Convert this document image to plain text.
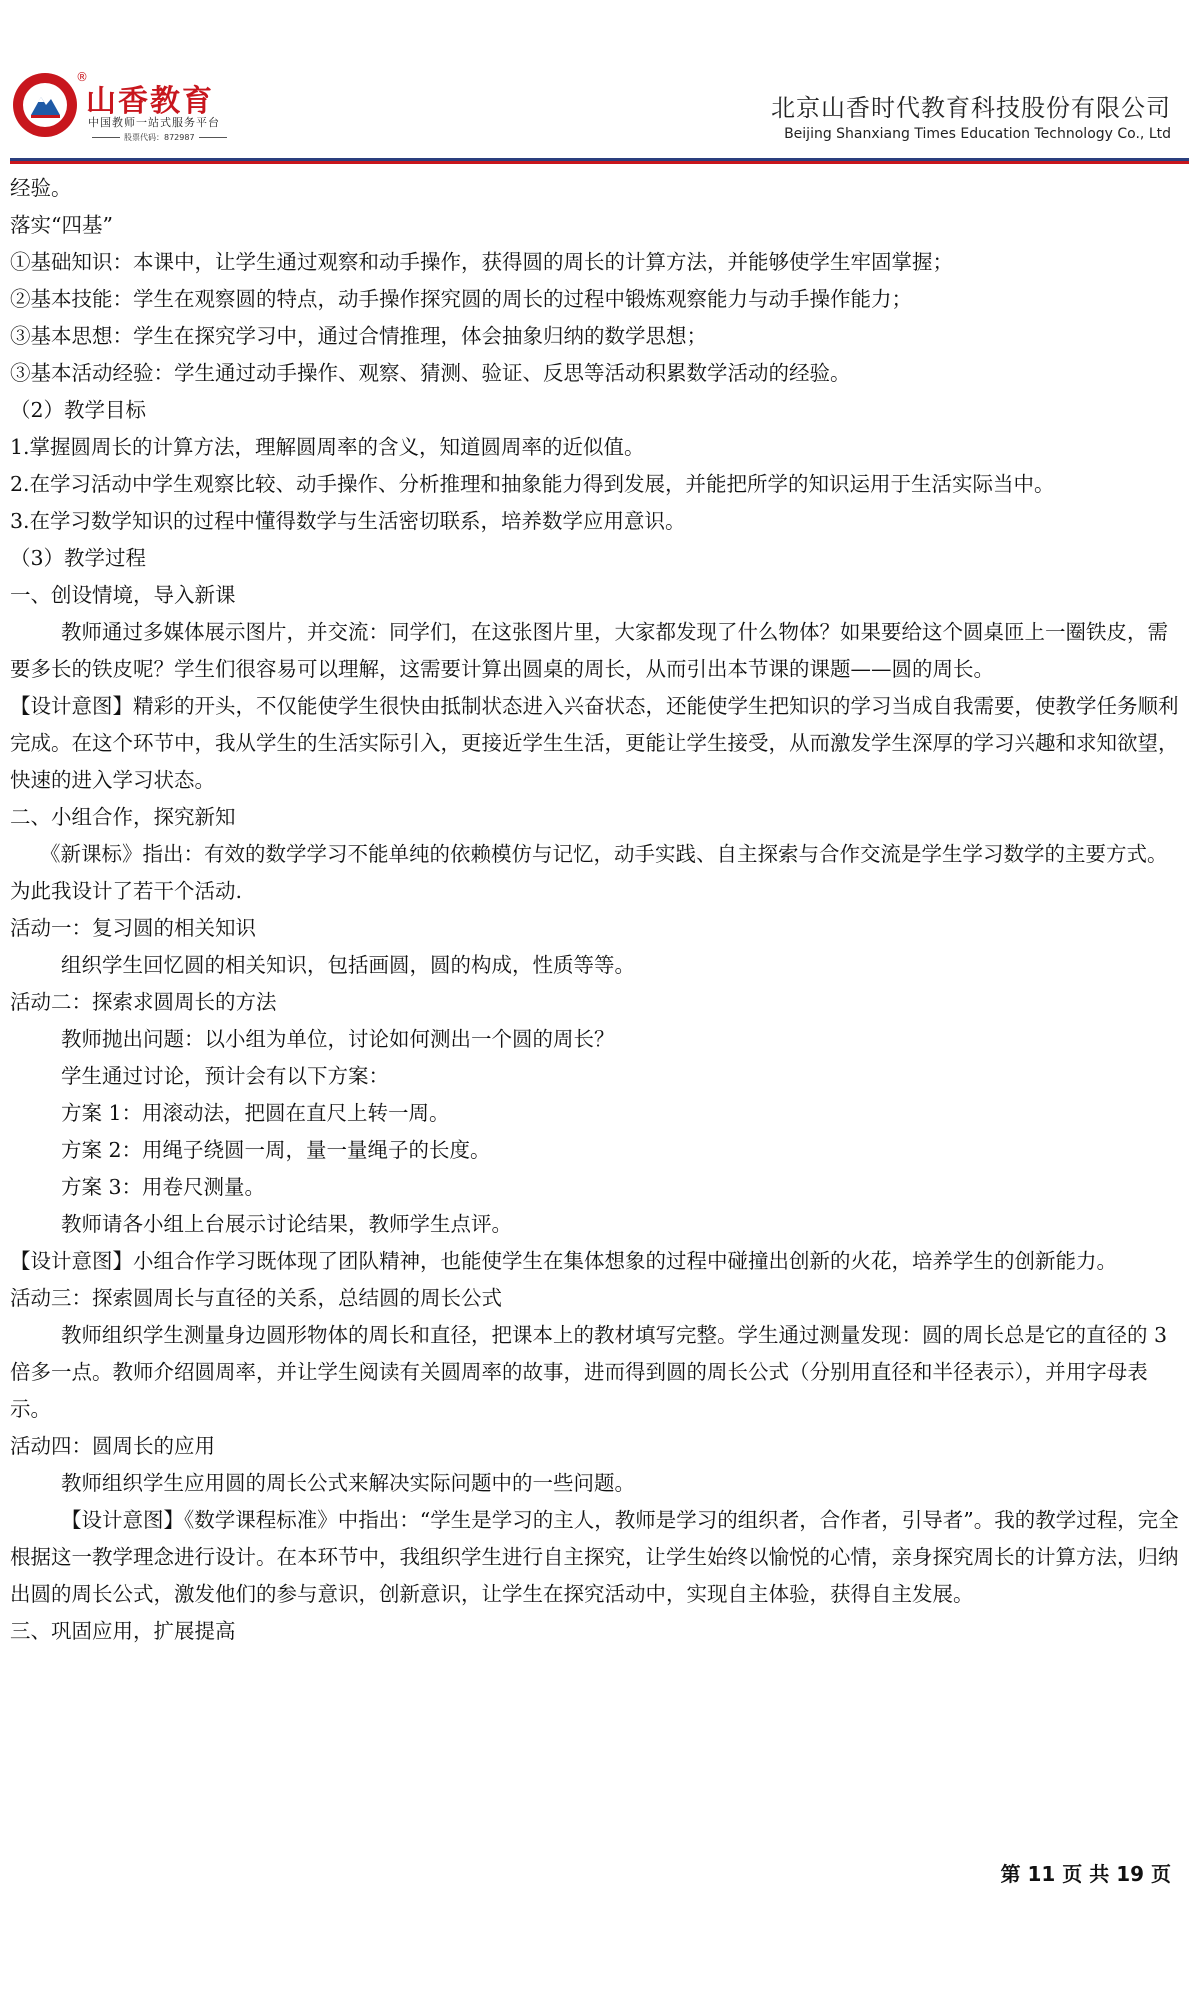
®
山香教育
中国教师一站式服务平台
股票代码：872987
北京山香时代教育科技股份有限公司
Beijing Shanxiang Times Education Technology Co., Ltd

经验。

落实“四基”

①基础知识：本课中，让学生通过观察和动手操作，获得圆的周长的计算方法，并能够使学生牢固掌握；

②基本技能：学生在观察圆的特点，动手操作探究圆的周长的过程中锻炼观察能力与动手操作能力；

③基本思想：学生在探究学习中，通过合情推理，体会抽象归纳的数学思想；

③基本活动经验：学生通过动手操作、观察、猜测、验证、反思等活动积累数学活动的经验。

（2）教学目标

1.掌握圆周长的计算方法，理解圆周率的含义，知道圆周率的近似值。

2.在学习活动中学生观察比较、动手操作、分析推理和抽象能力得到发展，并能把所学的知识运用于生活实际当中。

3.在学习数学知识的过程中懂得数学与生活密切联系，培养数学应用意识。

（3）教学过程

一、创设情境，导入新课

教师通过多媒体展示图片，并交流：同学们，在这张图片里，大家都发现了什么物体？如果要给这个圆桌匝上一圈铁皮，需要多长的铁皮呢？学生们很容易可以理解，这需要计算出圆桌的周长，从而引出本节课的课题——圆的周长。

【设计意图】精彩的开头，不仅能使学生很快由抵制状态进入兴奋状态，还能使学生把知识的学习当成自我需要，使教学任务顺利完成。在这个环节中，我从学生的生活实际引入，更接近学生生活，更能让学生接受，从而激发学生深厚的学习兴趣和求知欲望，快速的进入学习状态。

二、小组合作，探究新知

《新课标》指出：有效的数学学习不能单纯的依赖模仿与记忆，动手实践、自主探索与合作交流是学生学习数学的主要方式。为此我设计了若干个活动.

活动一：复习圆的相关知识

组织学生回忆圆的相关知识，包括画圆，圆的构成，性质等等。

活动二：探索求圆周长的方法

教师抛出问题：以小组为单位，讨论如何测出一个圆的周长？

学生通过讨论，预计会有以下方案：

方案 1：用滚动法，把圆在直尺上转一周。

方案 2：用绳子绕圆一周，量一量绳子的长度。

方案 3：用卷尺测量。

教师请各小组上台展示讨论结果，教师学生点评。

【设计意图】小组合作学习既体现了团队精神，也能使学生在集体想象的过程中碰撞出创新的火花，培养学生的创新能力。

活动三：探索圆周长与直径的关系，总结圆的周长公式

教师组织学生测量身边圆形物体的周长和直径，把课本上的教材填写完整。学生通过测量发现：圆的周长总是它的直径的 3 倍多一点。教师介绍圆周率，并让学生阅读有关圆周率的故事，进而得到圆的周长公式（分别用直径和半径表示），并用字母表示。

活动四：圆周长的应用

教师组织学生应用圆的周长公式来解决实际问题中的一些问题。

【设计意图】《数学课程标准》中指出：“学生是学习的主人，教师是学习的组织者，合作者，引导者”。我的教学过程，完全根据这一教学理念进行设计。在本环节中，我组织学生进行自主探究，让学生始终以愉悦的心情，亲身探究周长的计算方法，归纳出圆的周长公式，激发他们的参与意识，创新意识，让学生在探究活动中，实现自主体验，获得自主发展。

三、巩固应用，扩展提高

第 11 页 共 19 页
